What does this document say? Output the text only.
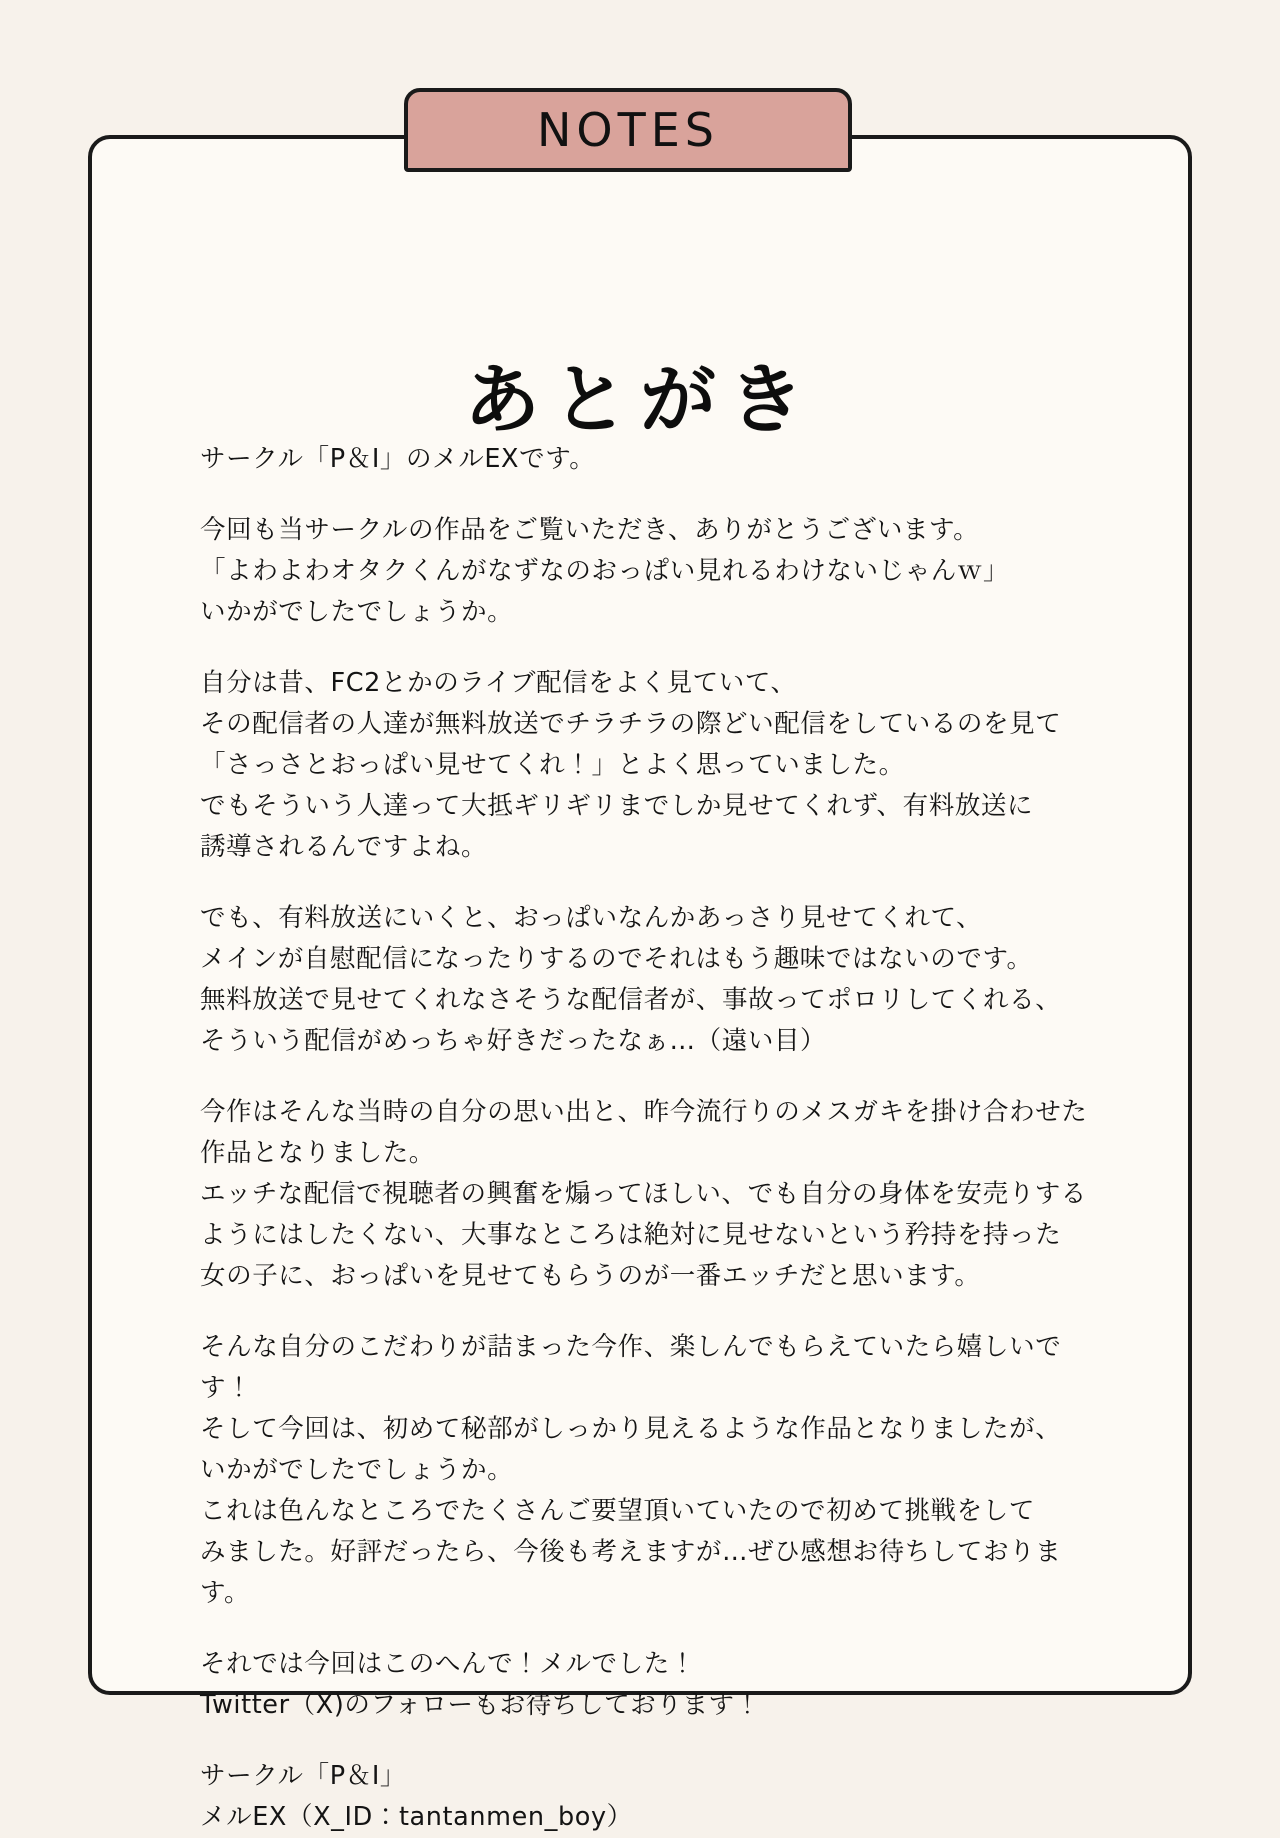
あとがき

サークル「P＆I」のメルEXです。

今回も当サークルの作品をご覧いただき、ありがとうございます。
「よわよわオタクくんがなずなのおっぱい見れるわけないじゃんｗ」
いかがでしたでしょうか。

自分は昔、FC2とかのライブ配信をよく見ていて、
その配信者の人達が無料放送でチラチラの際どい配信をしているのを見て
「さっさとおっぱい見せてくれ！」とよく思っていました。
でもそういう人達って大抵ギリギリまでしか見せてくれず、有料放送に
誘導されるんですよね。

でも、有料放送にいくと、おっぱいなんかあっさり見せてくれて、
メインが自慰配信になったりするのでそれはもう趣味ではないのです。
無料放送で見せてくれなさそうな配信者が、事故ってポロリしてくれる、
そういう配信がめっちゃ好きだったなぁ…（遠い目）

今作はそんな当時の自分の思い出と、昨今流行りのメスガキを掛け合わせた
作品となりました。
エッチな配信で視聴者の興奮を煽ってほしい、でも自分の身体を安売りする
ようにはしたくない、大事なところは絶対に見せないという矜持を持った
女の子に、おっぱいを見せてもらうのが一番エッチだと思います。

そんな自分のこだわりが詰まった今作、楽しんでもらえていたら嬉しいです！
そして今回は、初めて秘部がしっかり見えるような作品となりましたが、
いかがでしたでしょうか。
これは色んなところでたくさんご要望頂いていたので初めて挑戦をして
みました。好評だったら、今後も考えますが…ぜひ感想お待ちしております。

それでは今回はこのへんで！メルでした！
Twitter（X)のフォローもお待ちしております！

サークル「P＆I」
メルEX（X_ID：tantanmen_boy）

NOTES
